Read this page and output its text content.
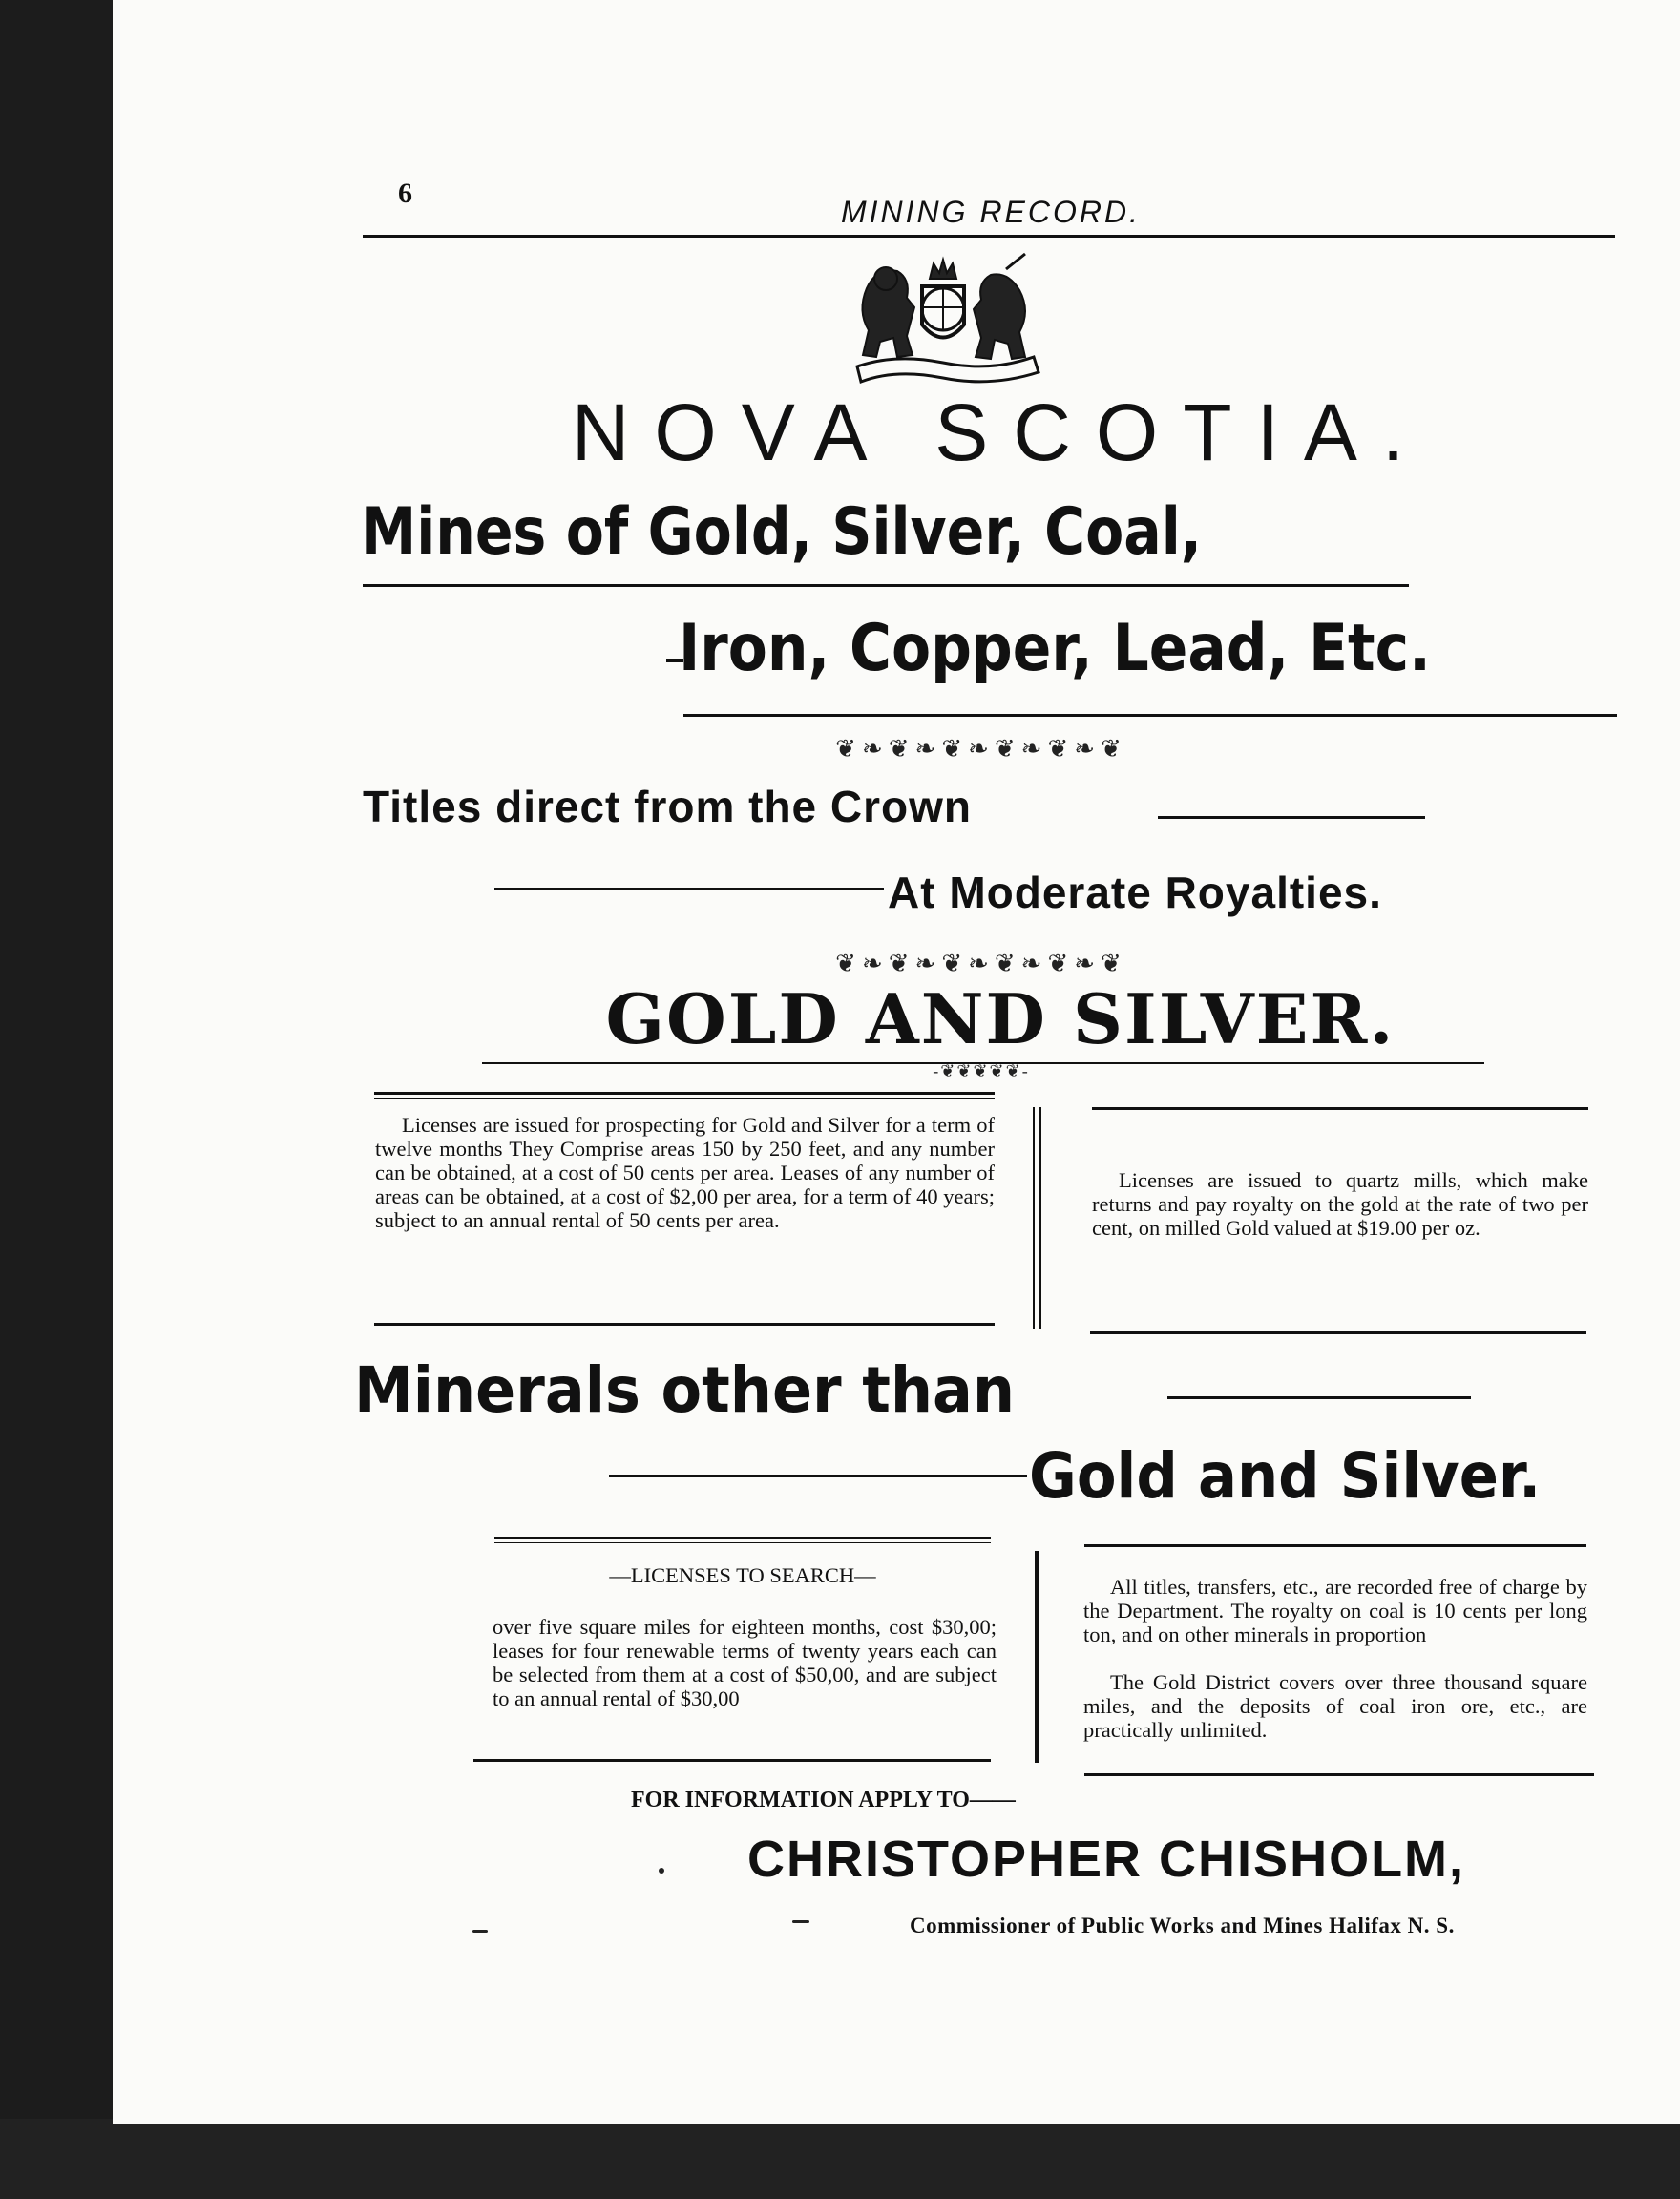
6
MINING RECORD.
NOVA SCOTIA.
Mines of Gold, Silver, Coal,
Iron, Copper, Lead, Etc.
❦❧❦❧❦❧❦❧❦❧❦
Titles direct from the Crown
At Moderate Royalties.
❦❧❦❧❦❧❦❧❦❧❦
GOLD AND SILVER.
-❦❦❦❦❦-
Licenses are issued for prospecting for Gold and Silver for a term of twelve months They Comprise areas 150 by 250 feet, and any number can be obtained, at a cost of 50 cents per area. Leases of any number of areas can be obtained, at a cost of $2,00 per area, for a term of 40 years; subject to an annual rental of 50 cents per area.
Licenses are issued to quartz mills, which make returns and pay royalty on the gold at the rate of two per cent, on milled Gold valued at $19.00 per oz.
Minerals other than
Gold and Silver.
—LICENSES TO SEARCH—
over five square miles for eighteen months, cost $30,00; leases for four renewable terms of twenty years each can be selected from them at a cost of $50,00, and are subject to an annual rental of $30,00
All titles, transfers, etc., are recorded free of charge by the Department. The royalty on coal is 10 cents per long ton, and on other minerals in proportion
The Gold District covers over three thousand square miles, and the deposits of coal iron ore, etc., are practically unlimited.
FOR INFORMATION APPLY TO——
CHRISTOPHER CHISHOLM,
Commissioner of Public Works and Mines Halifax N. S.
